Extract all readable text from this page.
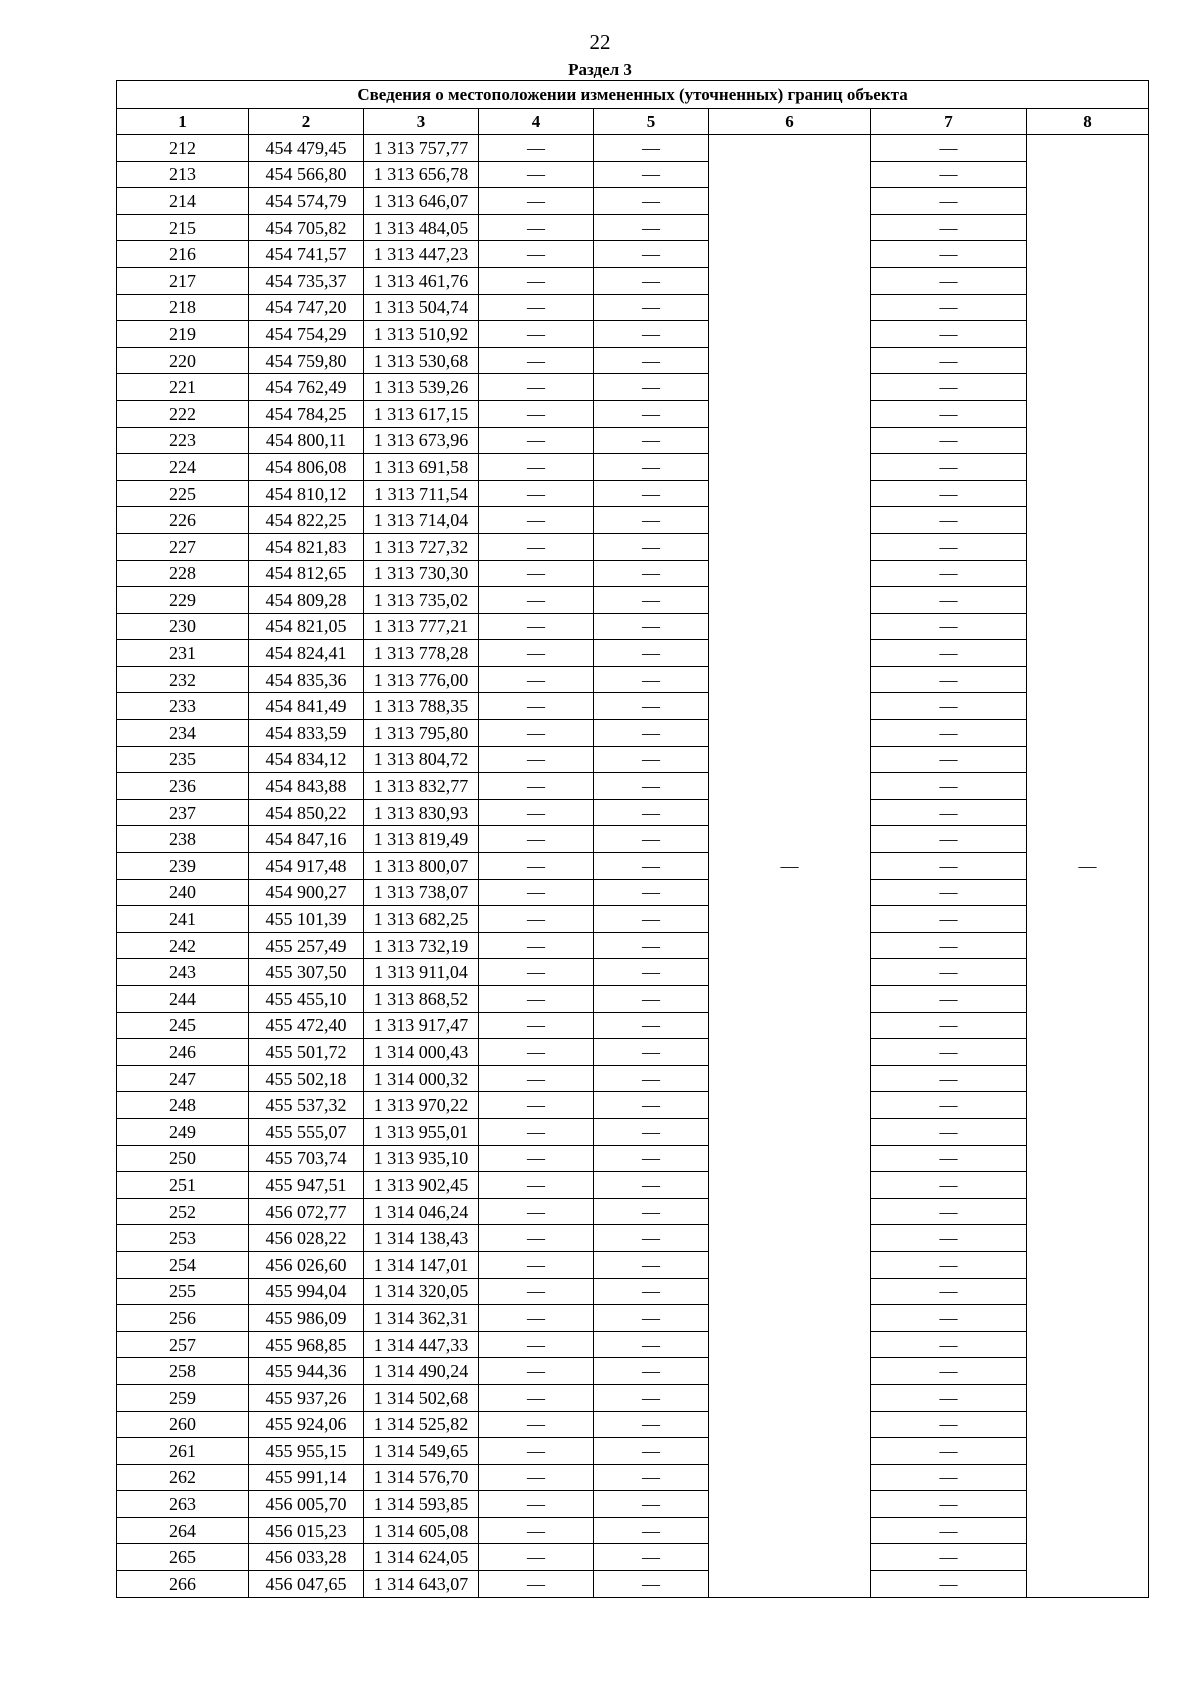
22
Раздел 3
Сведения о местоположении измененных (уточненных) границ объекта							
1	2	3	4	5	6	7	8
212	454 479,45	1 313 757,77	—	—	—	—	—
213	454 566,80	1 313 656,78	—	—		—	
214	454 574,79	1 313 646,07	—	—		—	
215	454 705,82	1 313 484,05	—	—		—	
216	454 741,57	1 313 447,23	—	—		—	
217	454 735,37	1 313 461,76	—	—		—	
218	454 747,20	1 313 504,74	—	—		—	
219	454 754,29	1 313 510,92	—	—		—	
220	454 759,80	1 313 530,68	—	—		—	
221	454 762,49	1 313 539,26	—	—		—	
222	454 784,25	1 313 617,15	—	—		—	
223	454 800,11	1 313 673,96	—	—		—	
224	454 806,08	1 313 691,58	—	—		—	
225	454 810,12	1 313 711,54	—	—		—	
226	454 822,25	1 313 714,04	—	—		—	
227	454 821,83	1 313 727,32	—	—		—	
228	454 812,65	1 313 730,30	—	—		—	
229	454 809,28	1 313 735,02	—	—		—	
230	454 821,05	1 313 777,21	—	—		—	
231	454 824,41	1 313 778,28	—	—		—	
232	454 835,36	1 313 776,00	—	—		—	
233	454 841,49	1 313 788,35	—	—		—	
234	454 833,59	1 313 795,80	—	—		—	
235	454 834,12	1 313 804,72	—	—		—	
236	454 843,88	1 313 832,77	—	—		—	
237	454 850,22	1 313 830,93	—	—		—	
238	454 847,16	1 313 819,49	—	—		—	
239	454 917,48	1 313 800,07	—	—		—	
240	454 900,27	1 313 738,07	—	—		—	
241	455 101,39	1 313 682,25	—	—		—	
242	455 257,49	1 313 732,19	—	—		—	
243	455 307,50	1 313 911,04	—	—		—	
244	455 455,10	1 313 868,52	—	—		—	
245	455 472,40	1 313 917,47	—	—		—	
246	455 501,72	1 314 000,43	—	—		—	
247	455 502,18	1 314 000,32	—	—		—	
248	455 537,32	1 313 970,22	—	—		—	
249	455 555,07	1 313 955,01	—	—		—	
250	455 703,74	1 313 935,10	—	—		—	
251	455 947,51	1 313 902,45	—	—		—	
252	456 072,77	1 314 046,24	—	—		—	
253	456 028,22	1 314 138,43	—	—		—	
254	456 026,60	1 314 147,01	—	—		—	
255	455 994,04	1 314 320,05	—	—		—	
256	455 986,09	1 314 362,31	—	—		—	
257	455 968,85	1 314 447,33	—	—		—	
258	455 944,36	1 314 490,24	—	—		—	
259	455 937,26	1 314 502,68	—	—		—	
260	455 924,06	1 314 525,82	—	—		—	
261	455 955,15	1 314 549,65	—	—		—	
262	455 991,14	1 314 576,70	—	—		—	
263	456 005,70	1 314 593,85	—	—		—	
264	456 015,23	1 314 605,08	—	—		—	
265	456 033,28	1 314 624,05	—	—		—	
266	456 047,65	1 314 643,07	—	—		—	
